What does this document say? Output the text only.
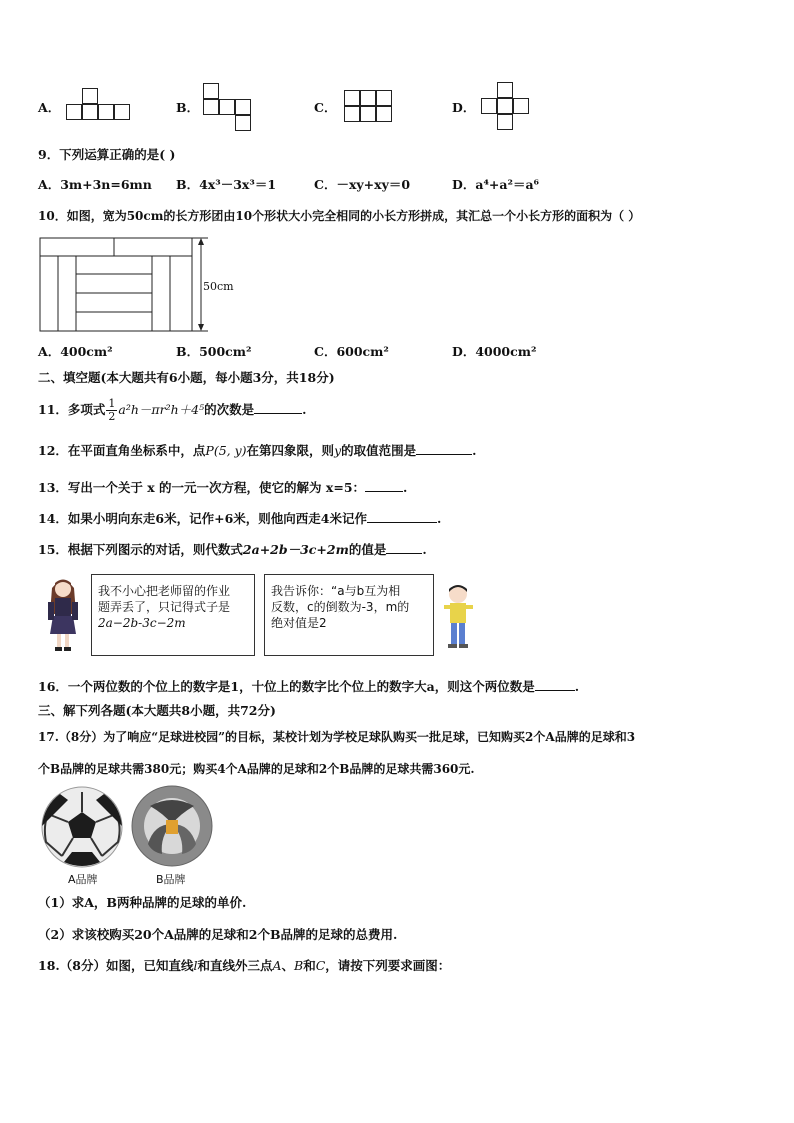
A．	B．	C．	D．
9．下列运算正确的是( )
A．3m+3n=6mn B．4x³－3x³＝1	C．－xy+xy＝0	D．a⁴+a²＝a⁶
10．如图，宽为50cm的长方形团由10个形状大小完全相同的小长方形拼成，其汇总一个小长方形的面积为（ ）
50cm
A．400cm²	B．500cm²	C．600cm²	D．4000cm²
二、填空题(本大题共有6小题，每小题3分，共18分)
11．多项式 $\frac{1}{2} a^2h-\pi r^2h+4^5$的次数是	.
12．在平面直角坐标系中，点P(5, y)在第四象限，则y的取值范围是	.
13．写出一个关于 x 的一元一次方程，使它的解为 x=5：	.
14．如果小明向东走6米，记作+6米，则他向西走4米记作	.
15．根据下列图示的对话，则代数式2a+2b－3c+2m的值是	.
我不小心把老师留的作业
题弄丢了，只记得式子是
2a−2b-3c−2m
我告诉你：“a与b互为相
反数，c的倒数为-3，m的
绝对值是2
16．一个两位数的个位上的数字是1，十位上的数字比个位上的数字大a，则这个两位数是	.
三、解下列各题(本大题共8小题，共72分)
17.（8分）为了响应“足球进校园”的目标，某校计划为学校足球队购买一批足球，已知购买2个A品牌的足球和3
个B品牌的足球共需380元；购买4个A品牌的足球和2个B品牌的足球共需360元.
A品牌	B品牌
（1）求A，B两种品牌的足球的单价.
（2）求该校购买20个A品牌的足球和2个B品牌的足球的总费用.
18.（8分）如图，已知直线l和直线外三点A、B和C，请按下列要求画图：
